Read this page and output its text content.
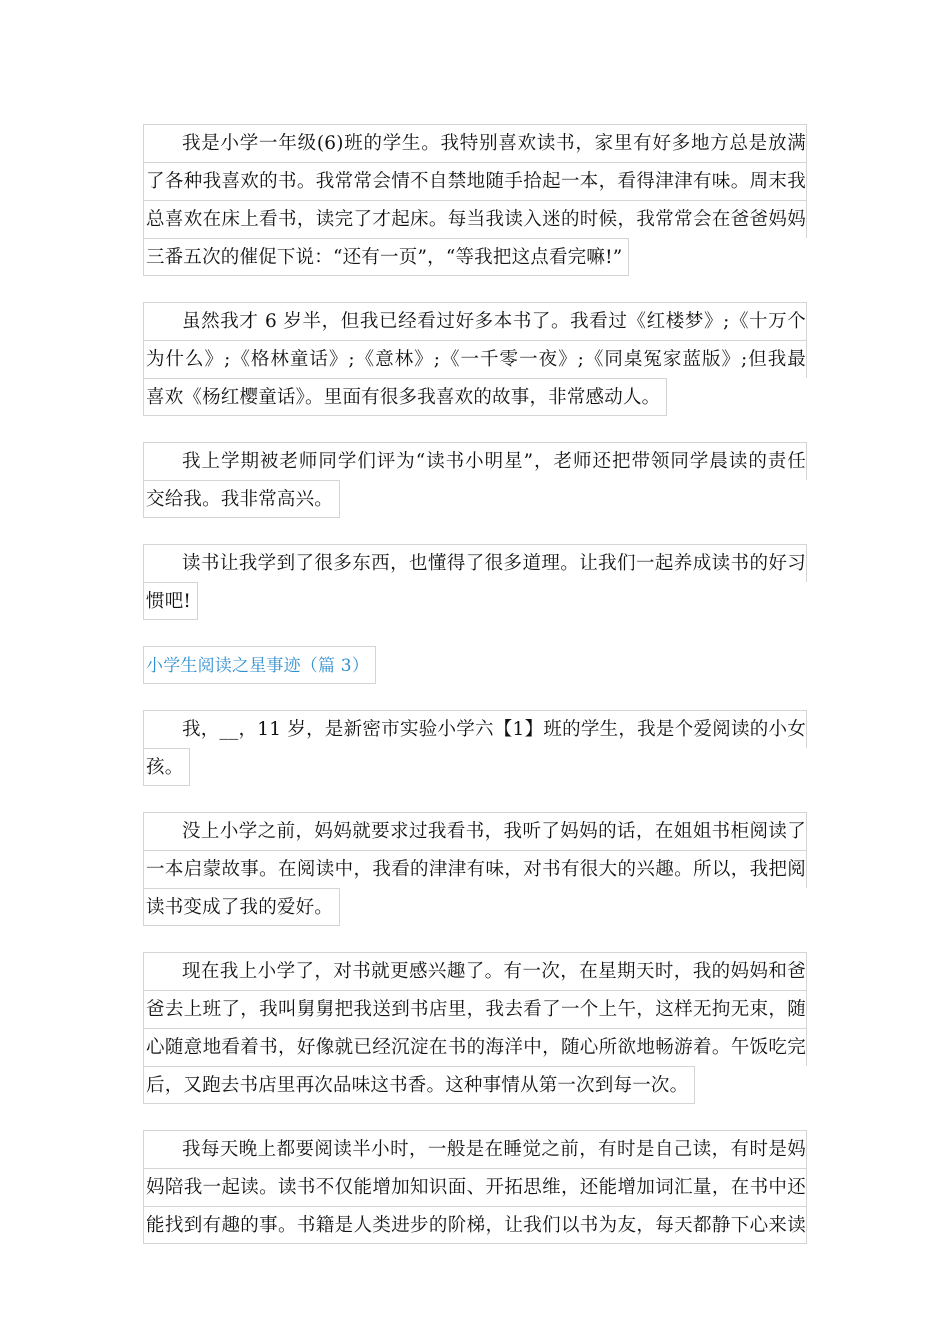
我是小学一年级(6)班的学生。我特别喜欢读书，家里有好多地方总是放满
了各种我喜欢的书。我常常会情不自禁地随手拾起一本，看得津津有味。周末我
总喜欢在床上看书，读完了才起床。每当我读入迷的时候，我常常会在爸爸妈妈
三番五次的催促下说：“还有一页”，“等我把这点看完嘛!”
虽然我才 6 岁半，但我已经看过好多本书了。我看过《红楼梦》;《十万个
为什么》;《格林童话》;《意林》;《一千零一夜》;《同桌冤家蓝版》;但我最
喜欢《杨红樱童话》。里面有很多我喜欢的故事，非常感动人。
我上学期被老师同学们评为“读书小明星”，老师还把带领同学晨读的责任
交给我。我非常高兴。
读书让我学到了很多东西，也懂得了很多道理。让我们一起养成读书的好习
惯吧!
小学生阅读之星事迹（篇 3）
我，__，11 岁，是新密市实验小学六【1】班的学生，我是个爱阅读的小女
孩。
没上小学之前，妈妈就要求过我看书，我听了妈妈的话，在姐姐书柜阅读了
一本启蒙故事。在阅读中，我看的津津有味，对书有很大的兴趣。所以，我把阅
读书变成了我的爱好。
现在我上小学了，对书就更感兴趣了。有一次，在星期天时，我的妈妈和爸
爸去上班了，我叫舅舅把我送到书店里，我去看了一个上午，这样无拘无束，随
心随意地看着书，好像就已经沉淀在书的海洋中，随心所欲地畅游着。午饭吃完
后，又跑去书店里再次品味这书香。这种事情从第一次到每一次。
我每天晚上都要阅读半小时，一般是在睡觉之前，有时是自己读，有时是妈
妈陪我一起读。读书不仅能增加知识面、开拓思维，还能增加词汇量，在书中还
能找到有趣的事。书籍是人类进步的阶梯，让我们以书为友，每天都静下心来读
